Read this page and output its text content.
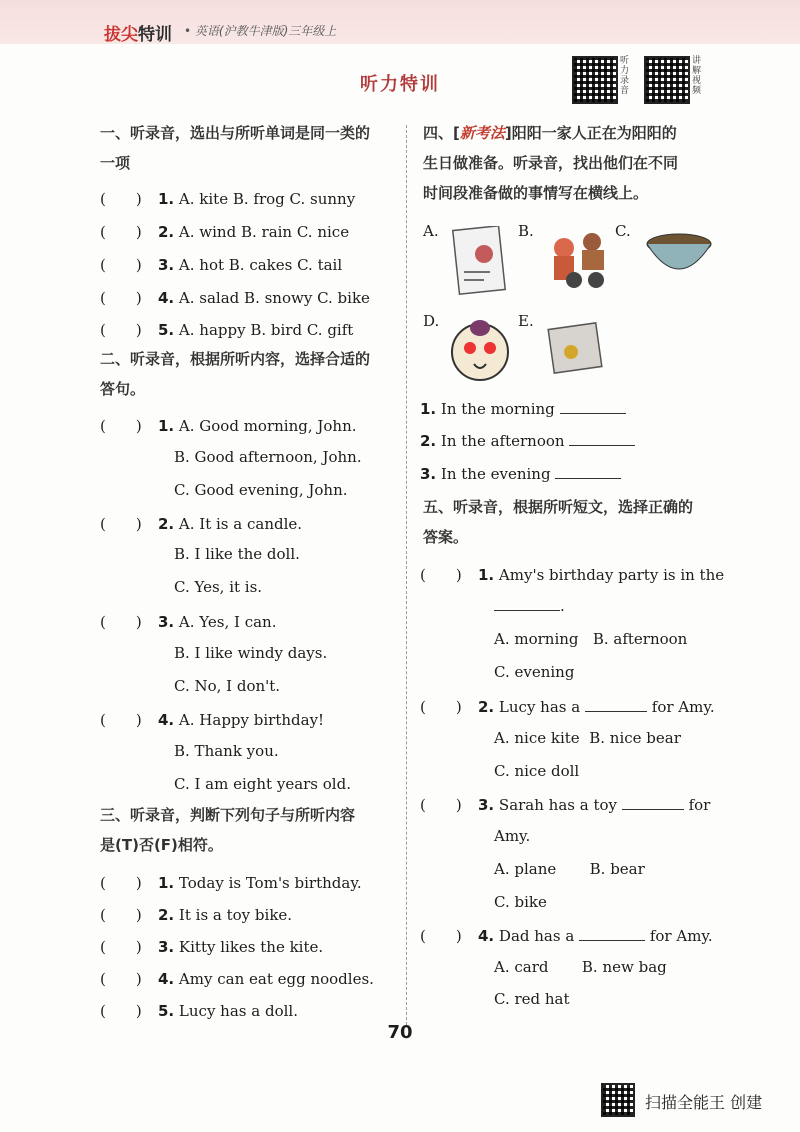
拔尖特训 • 英语(沪教牛津版)三年级上
听力特训
听力录音
讲解视频
一、听录音，选出与所听单词是同一类的
一项
(　　) 1. A. kite B. frog C. sunny
(　　) 2. A. wind B. rain C. nice
(　　) 3. A. hot B. cakes C. tail
(　　) 4. A. salad B. snowy C. bike
(　　) 5. A. happy B. bird C. gift
二、听录音，根据所听内容，选择合适的
答句。
(　　) 1. A. Good morning, John.
B. Good afternoon, John.
C. Good evening, John.
(　　) 2. A. It is a candle.
B. I like the doll.
C. Yes, it is.
(　　) 3. A. Yes, I can.
B. I like windy days.
C. No, I don't.
(　　) 4. A. Happy birthday!
B. Thank you.
C. I am eight years old.
三、听录音，判断下列句子与所听内容
是(T)否(F)相符。
(　　) 1. Today is Tom's birthday.
(　　) 2. It is a toy bike.
(　　) 3. Kitty likes the kite.
(　　) 4. Amy can eat egg noodles.
(　　) 5. Lucy has a doll.
四、[新考法]阳阳一家人正在为阳阳的
生日做准备。听录音，找出他们在不同
时间段准备做的事情写在横线上。
A.	B.	C.
D.	E.
1. In the morning
2. In the afternoon
3. In the evening
五、听录音，根据所听短文，选择正确的
答案。
(　　) 1. Amy's birthday party is in the
.
A. morning B. afternoon
C. evening
(　　) 2. Lucy has a	for Amy.
A. nice kite B. nice bear
C. nice doll
(　　) 3. Sarah has a toy	for
Amy.
A. plane B. bear
C. bike
(　　) 4. Dad has a	for Amy.
A. card B. new bag
C. red hat
70
扫描全能王 创建
